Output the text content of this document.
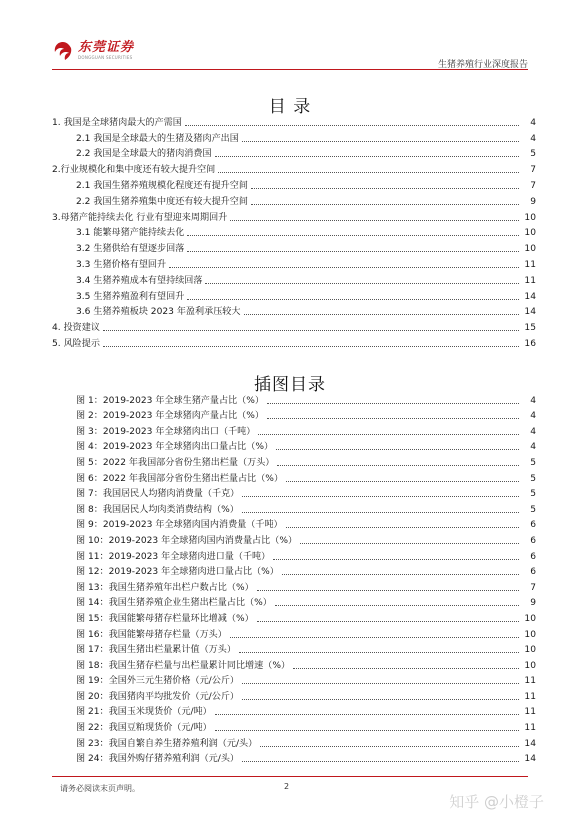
东莞证券
DONGGUAN SECURITIES
生猪养殖行业深度报告
目 录
1. 我国是全球猪肉最大的产需国	4
2.1 我国是全球最大的生猪及猪肉产出国	4
2.2 我国是全球最大的猪肉消费国	5
2.行业规模化和集中度还有较大提升空间	7
2.1 我国生猪养殖规模化程度还有提升空间	7
2.2 我国生猪养殖集中度还有较大提升空间	9
3.母猪产能持续去化 行业有望迎来周期回升	10
3.1 能繁母猪产能持续去化	10
3.2 生猪供给有望逐步回落	10
3.3 生猪价格有望回升	11
3.4 生猪养殖成本有望持续回落	11
3.5 生猪养殖盈利有望回升	14
3.6 生猪养殖板块 2023 年盈利承压较大	14
4. 投资建议	15
5. 风险提示	16
插图目录
图 1：2019-2023 年全球生猪产量占比（%）	4
图 2：2019-2023 年全球猪肉产量占比（%）	4
图 3：2019-2023 年全球猪肉出口（千吨）	4
图 4：2019-2023 年全球猪肉出口量占比（%）	4
图 5：2022 年我国部分省份生猪出栏量（万头）	5
图 6：2022 年我国部分省份生猪出栏量占比（%）	5
图 7：我国居民人均猪肉消费量（千克）	5
图 8：我国居民人均肉类消费结构（%）	5
图 9：2019-2023 年全球猪肉国内消费量（千吨）	6
图 10：2019-2023 年全球猪肉国内消费量占比（%）	6
图 11：2019-2023 年全球猪肉进口量（千吨）	6
图 12：2019-2023 年全球猪肉进口量占比（%）	6
图 13：我国生猪养殖年出栏户数占比（%）	7
图 14：我国生猪养殖企业生猪出栏量占比（%）	9
图 15：我国能繁母猪存栏量环比增减（%）	10
图 16：我国能繁母猪存栏量（万头）	10
图 17：我国生猪出栏量累计值（万头）	10
图 18：我国生猪存栏量与出栏量累计同比增速（%）	10
图 19：全国外三元生猪价格（元/公斤）	11
图 20：我国猪肉平均批发价（元/公斤）	11
图 21：我国玉米现货价（元/吨）	11
图 22：我国豆粕现货价（元/吨）	11
图 23：我国自繁自养生猪养殖利润（元/头）	14
图 24：我国外购仔猪养殖利润（元/头）	14
请务必阅读末页声明。	2
知乎 @小橙子
